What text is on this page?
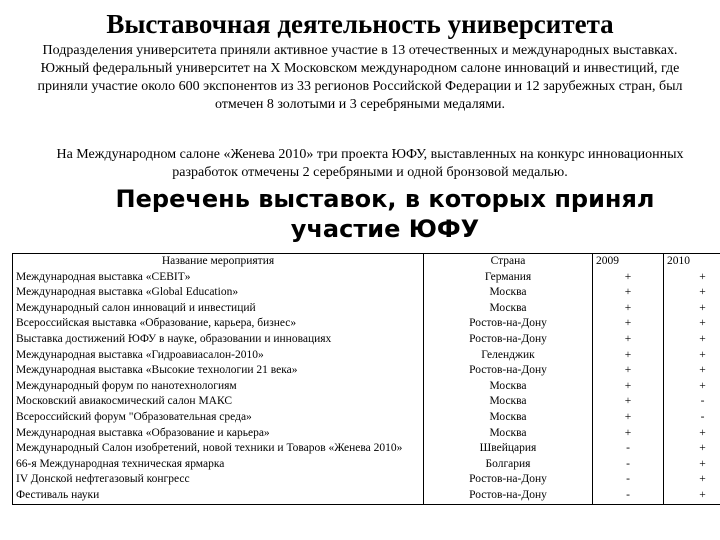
Выставочная деятельность университета

Подразделения университета приняли активное участие в 13 отечественных и международных выставках.

Южный федеральный университет на X Московском международном салоне инноваций и инвестиций, где приняли участие около 600 экспонентов из 33 регионов Российской Федерации и 12 зарубежных стран, был отмечен 8 золотыми и 3 серебряными медалями.

На Международном салоне «Женева 2010» три проекта ЮФУ, выставленных на конкурс инновационных разработок отмечены 2 серебряными и одной бронзовой медалью.

Перечень выставок, в которых принял участие ЮФУ
Название мероприятия	Страна	2009	2010
Международная выставка «CEBIT»	Германия	+	+
Международная выставка «Global Education»	Москва	+	+
Международный салон инноваций и инвестиций	Москва	+	+
Всероссийская выставка «Образование, карьера, бизнес»	Ростов-на-Дону	+	+
Выставка достижений ЮФУ в науке, образовании и инновациях	Ростов-на-Дону	+	+
Международная выставка «Гидроавиасалон-2010»	Геленджик	+	+
Международная выставка «Высокие технологии 21 века»	Ростов-на-Дону	+	+
Международный форум по нанотехнологиям	Москва	+	+
Московский авиакосмический салон МАКС	Москва	+	-
Всероссийский форум "Образовательная среда»	Москва	+	-
Международная выставка «Образование и карьера»	Москва	+	+
Международный Салон изобретений, новой техники и Товаров «Женева 2010»	Швейцария	-	+
66-я Международная техническая ярмарка	Болгария	-	+
IV Донской нефтегазовый конгресс	Ростов-на-Дону	-	+
Фестиваль науки	Ростов-на-Дону	-	+
